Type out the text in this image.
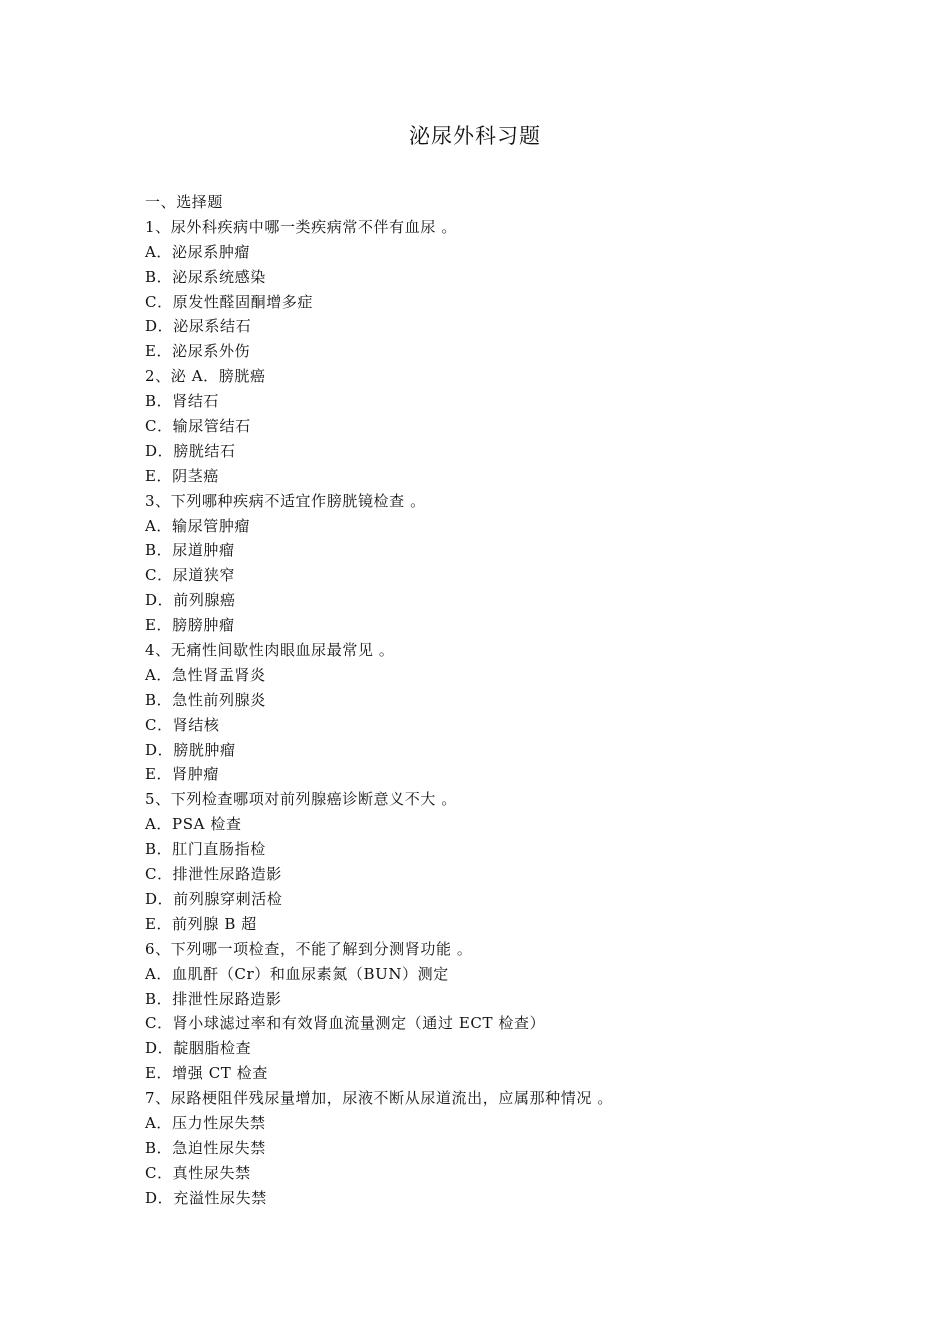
泌尿外科习题
一、选择题
1、尿外科疾病中哪一类疾病常不伴有血尿 。
A．泌尿系肿瘤
B．泌尿系统感染
C．原发性醛固酮增多症
D．泌尿系结石
E．泌尿系外伤
2、泌 A．膀胱癌
B．肾结石
C．输尿管结石
D．膀胱结石
E．阴茎癌
3、下列哪种疾病不适宜作膀胱镜检查 。
A．输尿管肿瘤
B．尿道肿瘤
C．尿道狭窄
D．前列腺癌
E．膀膀肿瘤
4、无痛性间歇性肉眼血尿最常见 。
A．急性肾盂肾炎
B．急性前列腺炎
C．肾结核
D．膀胱肿瘤
E．肾肿瘤
5、下列检查哪项对前列腺癌诊断意义不大 。
A．PSA 检查
B．肛门直肠指检
C．排泄性尿路造影
D．前列腺穿刺活检
E．前列腺 B 超
6、下列哪一项检查，不能了解到分测肾功能 。
A．血肌酐（Cr）和血尿素氮（BUN）测定
B．排泄性尿路造影
C．肾小球滤过率和有效肾血流量测定（通过 ECT 检查）
D．靛胭脂检查
E．增强 CT 检查
7、尿路梗阻伴残尿量增加，尿液不断从尿道流出，应属那种情况 。
A．压力性尿失禁
B．急迫性尿失禁
C．真性尿失禁
D．充溢性尿失禁
